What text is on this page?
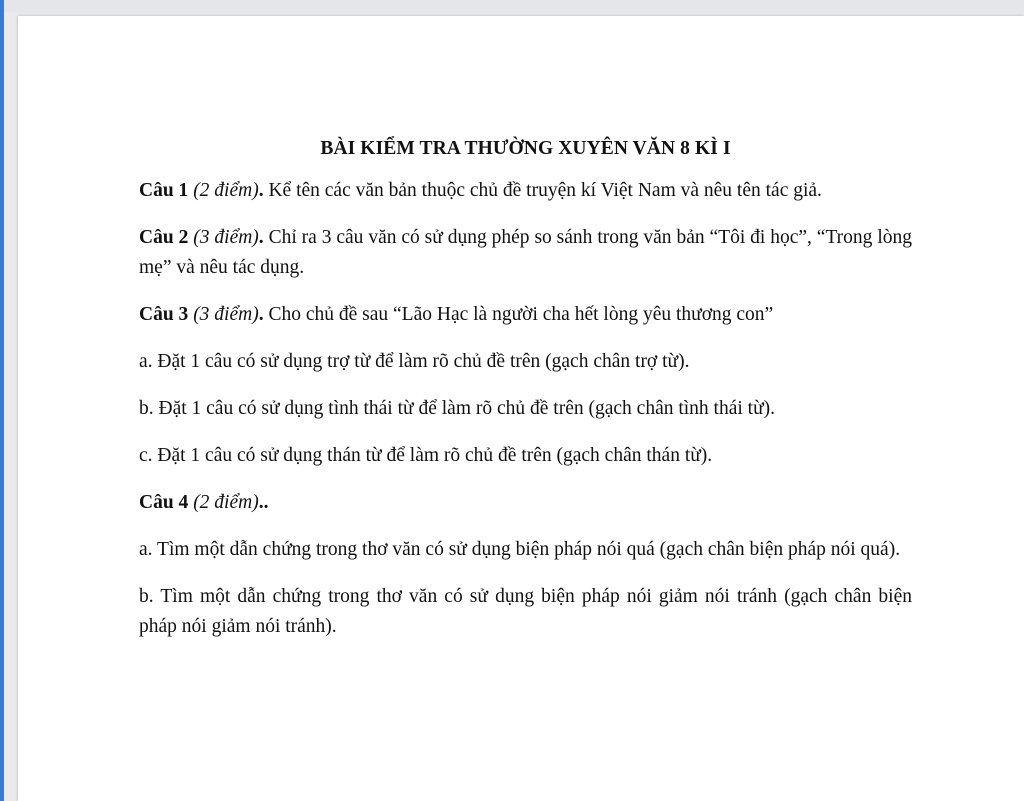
BÀI KIỂM TRA THƯỜNG XUYÊN VĂN 8 KÌ I

Câu 1 (2 điểm). Kể tên các văn bản thuộc chủ đề truyện kí Việt Nam và nêu tên tác giả.

Câu 2 (3 điểm). Chỉ ra 3 câu văn có sử dụng phép so sánh trong văn bản “Tôi đi học”, “Trong lòng mẹ” và nêu tác dụng.

Câu 3 (3 điểm). Cho chủ đề sau “Lão Hạc là người cha hết lòng yêu thương con”

a. Đặt 1 câu có sử dụng trợ từ để làm rõ chủ đề trên (gạch chân trợ từ).

b. Đặt 1 câu có sử dụng tình thái từ để làm rõ chủ đề trên (gạch chân tình thái từ).

c. Đặt 1 câu có sử dụng thán từ để làm rõ chủ đề trên (gạch chân thán từ).

Câu 4 (2 điểm)..

a. Tìm một dẫn chứng trong thơ văn có sử dụng biện pháp nói quá (gạch chân biện pháp nói quá).

b. Tìm một dẫn chứng trong thơ văn có sử dụng biện pháp nói giảm nói tránh (gạch chân biện pháp nói giảm nói tránh).
